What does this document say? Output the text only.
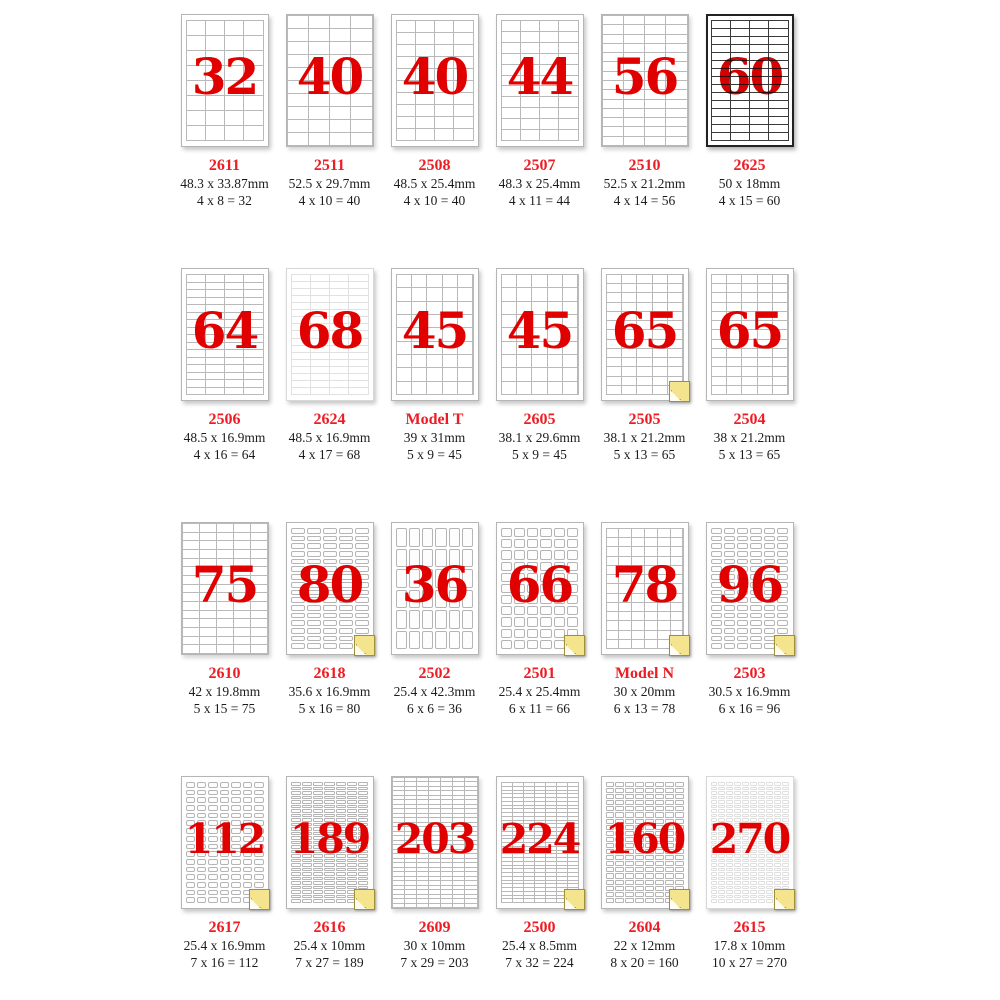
32
2611
48.3 x 33.87mm
4 x 8 = 32
40
2511
52.5 x 29.7mm
4 x 10 = 40
40
2508
48.5 x 25.4mm
4 x 10 = 40
44
2507
48.3 x 25.4mm
4 x 11 = 44
56
2510
52.5 x 21.2mm
4 x 14 = 56
60
2625
50 x 18mm
4 x 15 = 60
64
2506
48.5 x 16.9mm
4 x 16 = 64
68
2624
48.5 x 16.9mm
4 x 17 = 68
45
Model T
39 x 31mm
5 x 9 = 45
45
2605
38.1 x 29.6mm
5 x 9 = 45
65
2505
38.1 x 21.2mm
5 x 13 = 65
65
2504
38 x 21.2mm
5 x 13 = 65
75
2610
42 x 19.8mm
5 x 15 = 75
80
2618
35.6 x 16.9mm
5 x 16 = 80
36
2502
25.4 x 42.3mm
6 x 6 = 36
66
2501
25.4 x 25.4mm
6 x 11 = 66
78
Model N
30 x 20mm
6 x 13 = 78
96
2503
30.5 x 16.9mm
6 x 16 = 96
112
2617
25.4 x 16.9mm
7 x 16 = 112
189
2616
25.4 x 10mm
7 x 27 = 189
203
2609
30 x 10mm
7 x 29 = 203
224
2500
25.4 x 8.5mm
7 x 32 = 224
160
2604
22 x 12mm
8 x 20 = 160
270
2615
17.8 x 10mm
10 x 27 = 270
